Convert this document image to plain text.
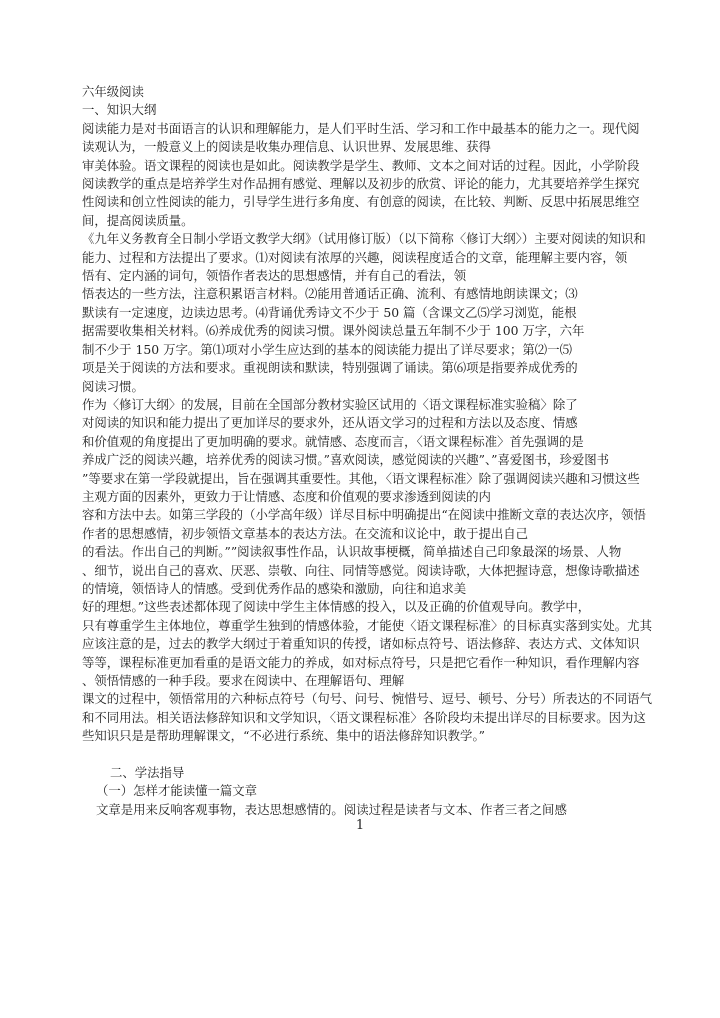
六年级阅读
一、知识大纲
阅读能力是对书面语言的认识和理解能力，是人们平时生活、学习和工作中最基本的能力之一。现代阅
读观认为，一般意义上的阅读是收集办理信息、认识世界、发展思维、获得
审美体验。语文课程的阅读也是如此。阅读教学是学生、教师、文本之间对话的过程。因此，小学阶段
阅读教学的重点是培养学生对作品拥有感觉、理解以及初步的欣赏、评论的能力，尤其要培养学生探究
性阅读和创立性阅读的能力，引导学生进行多角度、有创意的阅读，在比较、判断、反思中拓展思维空
间，提高阅读质量。
《九年义务教育全日制小学语文教学大纲》（试用修订版）（以下简称〈修订大纲〉）主要对阅读的知识和
能力、过程和方法提出了要求。⑴对阅读有浓厚的兴趣，阅读程度适合的文章，能理解主要内容，领
悟有、定内涵的词句，领悟作者表达的思想感情，并有自己的看法，领
悟表达的一些方法，注意积累语言材料。⑵能用普通话正确、流利、有感情地朗读课文；⑶
默读有一定速度，边读边思考。⑷背诵优秀诗文不少于 50 篇（含课文乙⑸学习浏览，能根
据需要收集相关材料。⑹养成优秀的阅读习惯。课外阅读总量五年制不少于 100 万字，六年
制不少于 150 万字。第⑴项对小学生应达到的基本的阅读能力提出了详尽要求；第⑵一⑸
项是关于阅读的方法和要求。重视朗读和默读，特别强调了诵读。第⑹项是指要养成优秀的
阅读习惯。
作为〈修订大纲〉的发展，目前在全国部分教材实验区试用的〈语文课程标准实验稿〉除了
对阅读的知识和能力提出了更加详尽的要求外，还从语文学习的过程和方法以及态度、情感
和价值观的角度提出了更加明确的要求。就情感、态度而言，〈语文课程标准〉首先强调的是
养成广泛的阅读兴趣，培养优秀的阅读习惯。”喜欢阅读，感觉阅读的兴趣”、”喜爱图书，珍爱图书
”等要求在第一学段就提出，旨在强调其重要性。其他，〈语文课程标准〉除了强调阅读兴趣和习惯这些
主观方面的因素外，更致力于让情感、态度和价值观的要求渗透到阅读的内
容和方法中去。如第三学段的（小学高年级）详尽目标中明确提出“在阅读中推断文章的表达次序，领悟
作者的思想感情，初步领悟文章基本的表达方法。在交流和议论中，敢于提出自己
的看法。作出自己的判断。””阅读叙事性作品，认识故事梗概，简单描述自己印象最深的场景、人物
、细节，说出自己的喜欢、厌恶、崇敬、向往、同情等感觉。阅读诗歌，大体把握诗意，想像诗歌描述
的情境，领悟诗人的情感。受到优秀作品的感染和激励，向往和追求美
好的理想。”这些表述都体现了阅读中学生主体情感的投入，以及正确的价值观导向。教学中，
只有尊重学生主体地位，尊重学生独到的情感体验，才能使〈语文课程标准〉的目标真实落到实处。尤其
应该注意的是，过去的教学大纲过于着重知识的传授，诸如标点符号、语法修辞、表达方式、文体知识
等等，课程标准更加看重的是语文能力的养成，如对标点符号，只是把它看作一种知识，看作理解内容
、领悟情感的一种手段。要求在阅读中、在理解语句、理解
课文的过程中，领悟常用的六种标点符号（句号、问号、惋惜号、逗号、顿号、分号）所表达的不同语气
和不同用法。相关语法修辞知识和文学知识，〈语文课程标准〉各阶段均未提出详尽的目标要求。因为这
些知识只是是帮助理解课文，“不必进行系统、集中的语法修辞知识教学。”
二、学法指导
（一）怎样才能读懂一篇文章
文章是用来反响客观事物，表达思想感情的。阅读过程是读者与文本、作者三者之间感
1
